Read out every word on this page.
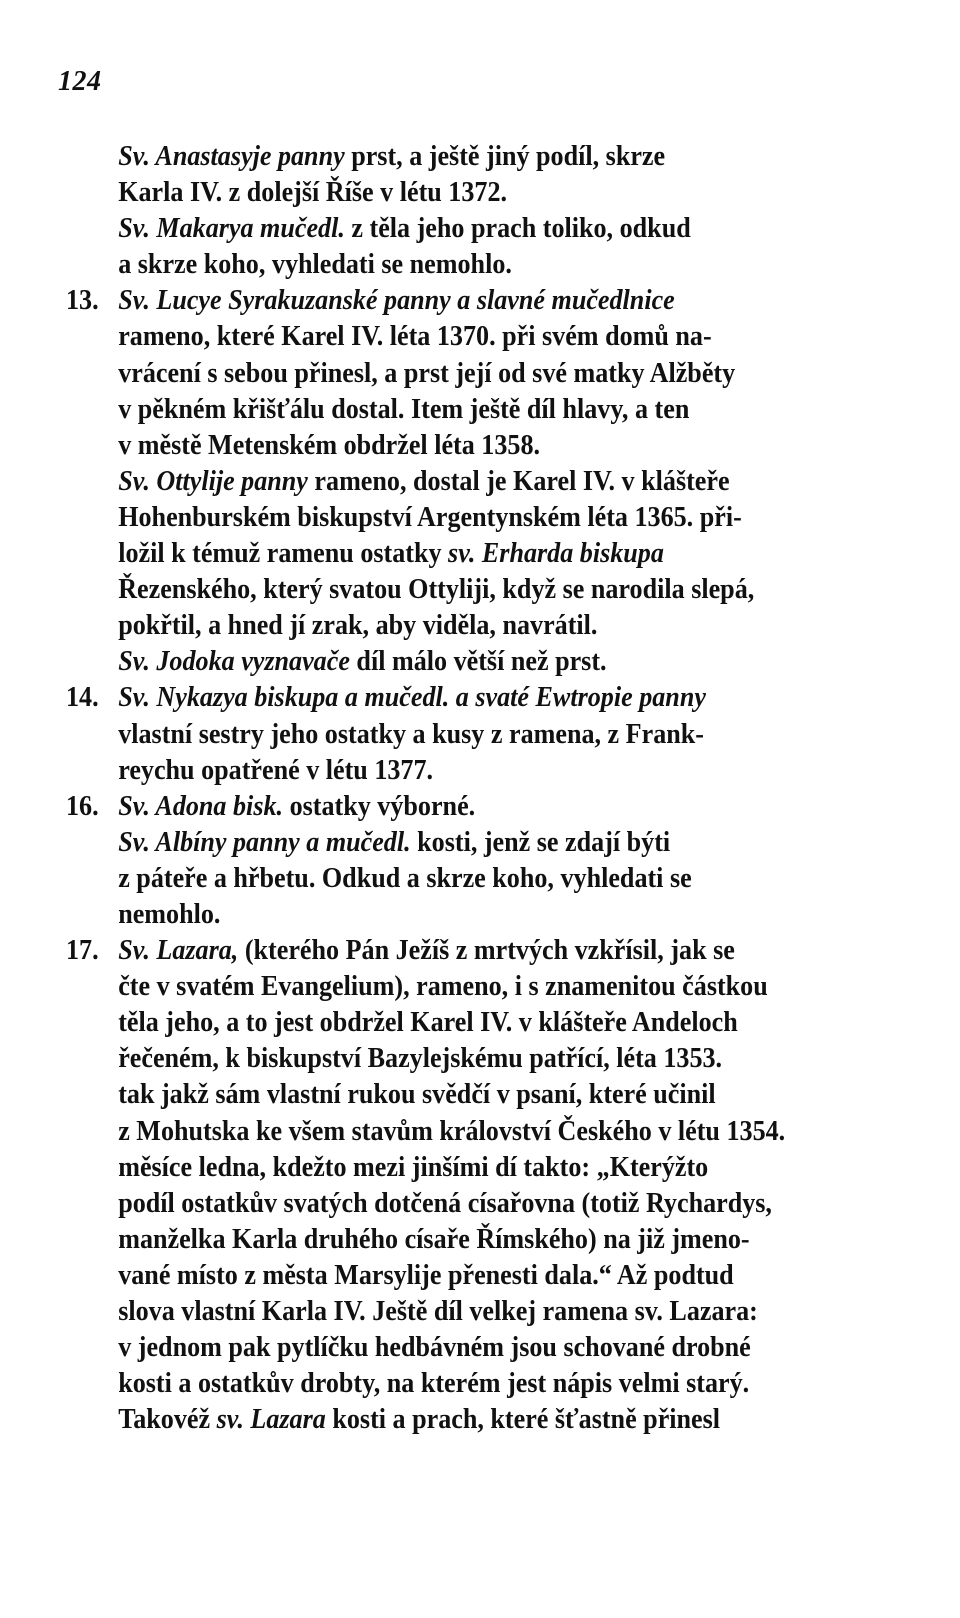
124
Sv. Anastasyje panny prst, a ještě jiný podíl, skrze
Karla IV. z dolejší Říše v létu 1372.
Sv. Makarya mučedl. z těla jeho prach toliko, odkud
a skrze koho, vyhledati se nemohlo.
13. Sv. Lucye Syrakuzanské panny a slavné mučedlnice
rameno, které Karel IV. léta 1370. při svém domů na-
vrácení s sebou přinesl, a prst její od své matky Alžběty
v pěkném křišťálu dostal. Item ještě díl hlavy, a ten
v městě Metenském obdržel léta 1358.
Sv. Ottylije panny rameno, dostal je Karel IV. v klášteře
Hohenburském biskupství Argentynském léta 1365. při-
ložil k témuž ramenu ostatky sv. Erharda biskupa
Řezenského, který svatou Ottyliji, když se narodila slepá,
pokřtil, a hned jí zrak, aby viděla, navrátil.
Sv. Jodoka vyznavače díl málo větší než prst.
14. Sv. Nykazya biskupa a mučedl. a svaté Ewtropie panny
vlastní sestry jeho ostatky a kusy z ramena, z Frank-
reychu opatřené v létu 1377.
16. Sv. Adona bisk. ostatky výborné.
Sv. Albíny panny a mučedl. kosti, jenž se zdají býti
z páteře a hřbetu. Odkud a skrze koho, vyhledati se
nemohlo.
17. Sv. Lazara, (kterého Pán Ježíš z mrtvých vzkřísil, jak se
čte v svatém Evangelium), rameno, i s znamenitou částkou
těla jeho, a to jest obdržel Karel IV. v klášteře Andeloch
řečeném, k biskupství Bazylejskému patřící, léta 1353.
tak jakž sám vlastní rukou svědčí v psaní, které učinil
z Mohutska ke všem stavům království Českého v létu 1354.
měsíce ledna, kdežto mezi jinšími dí takto: „Kterýžto
podíl ostatkův svatých dotčená císařovna (totiž Rychardys,
manželka Karla druhého císaře Římského) na již jmeno-
vané místo z města Marsylije přenesti dala.“ Až podtud
slova vlastní Karla IV. Ještě díl velkej ramena sv. Lazara:
v jednom pak pytlíčku hedbávném jsou schované drobné
kosti a ostatkův drobty, na kterém jest nápis velmi starý.
Takovéž sv. Lazara kosti a prach, které šťastně přinesl
